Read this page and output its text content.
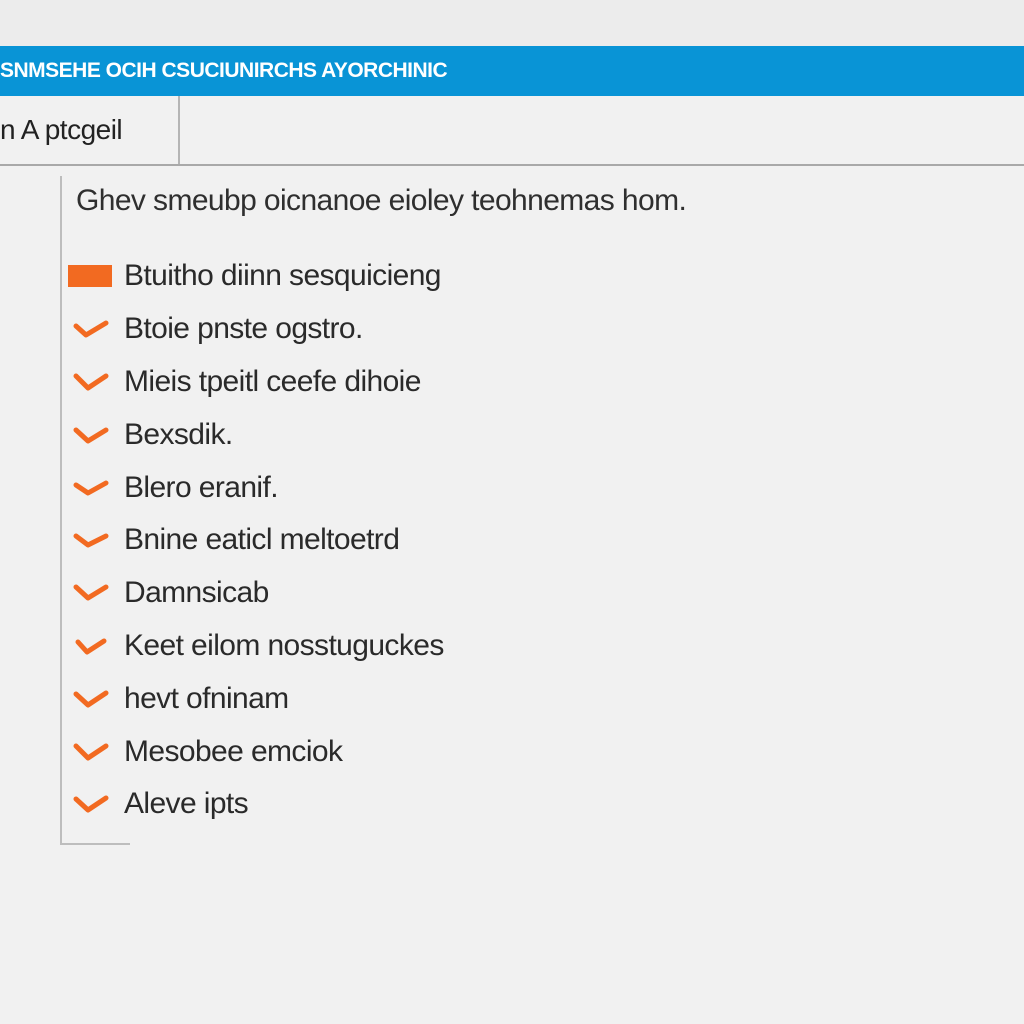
SNMSEHE OCIH CSUCIUNIRCHS AYORCHINIC
n A ptcgeil
Ghev smeubp oicnanoe eioley teohnemas hom.
Btuitho diinn sesquicieng
Btoie pnste ogstro.
Mieis tpeitl ceefe dihoie
Bexsdik.
Blero eranif.
Bnine eaticl meltoetrd
Damnsicab
Keet eilom nosstuguckes
hevt ofninam
Mesobee emciok
Aleve ipts
